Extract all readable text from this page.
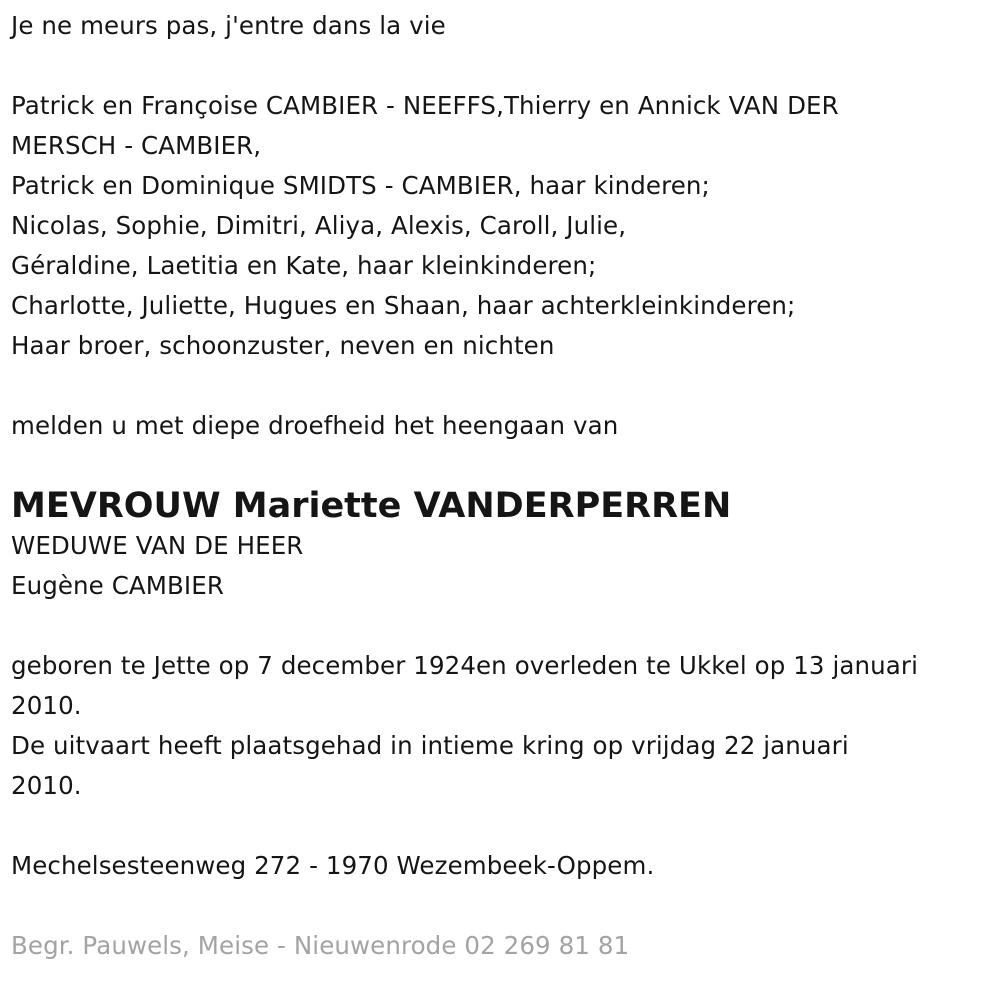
Je ne meurs pas, j'entre dans la vie
Patrick en Françoise CAMBIER - NEEFFS,Thierry en Annick VAN DER
MERSCH - CAMBIER,
Patrick en Dominique SMIDTS - CAMBIER, haar kinderen;
Nicolas, Sophie, Dimitri, Aliya, Alexis, Caroll, Julie,
Géraldine, Laetitia en Kate, haar kleinkinderen;
Charlotte, Juliette, Hugues en Shaan, haar achterkleinkinderen;
Haar broer, schoonzuster, neven en nichten
melden u met diepe droefheid het heengaan van
MEVROUW Mariette VANDERPERREN
WEDUWE VAN DE HEER
Eugène CAMBIER
geboren te Jette op 7 december 1924en overleden te Ukkel op 13 januari
2010.
De uitvaart heeft plaatsgehad in intieme kring op vrijdag 22 januari
2010.
Mechelsesteenweg 272 - 1970 Wezembeek-Oppem.
Begr. Pauwels, Meise - Nieuwenrode 02 269 81 81
